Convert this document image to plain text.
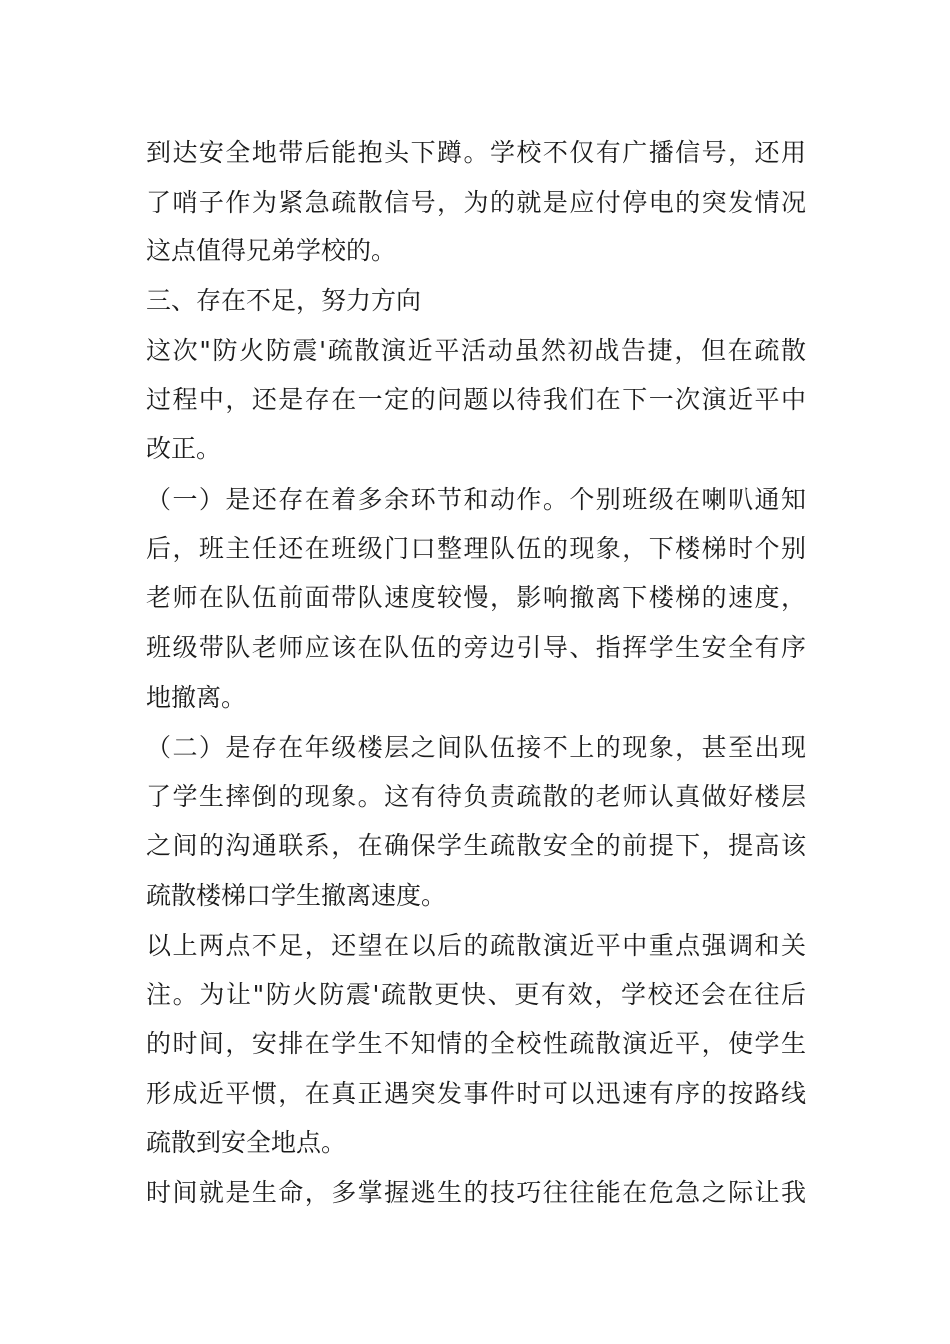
到达安全地带后能抱头下蹲。学校不仅有广播信号，还用
了哨子作为紧急疏散信号，为的就是应付停电的突发情况
这点值得兄弟学校的。
三、存在不足，努力方向
这次"防火防震'疏散演近平活动虽然初战告捷，但在疏散
过程中，还是存在一定的问题以待我们在下一次演近平中
改正。
（一）是还存在着多余环节和动作。个别班级在喇叭通知
后，班主任还在班级门口整理队伍的现象，下楼梯时个别
老师在队伍前面带队速度较慢，影响撤离下楼梯的速度，
班级带队老师应该在队伍的旁边引导、指挥学生安全有序
地撤离。
（二）是存在年级楼层之间队伍接不上的现象，甚至出现
了学生摔倒的现象。这有待负责疏散的老师认真做好楼层
之间的沟通联系，在确保学生疏散安全的前提下，提高该
疏散楼梯口学生撤离速度。
以上两点不足，还望在以后的疏散演近平中重点强调和关
注。为让"防火防震'疏散更快、更有效，学校还会在往后
的时间，安排在学生不知情的全校性疏散演近平，使学生
形成近平惯，在真正遇突发事件时可以迅速有序的按路线
疏散到安全地点。
时间就是生命，多掌握逃生的技巧往往能在危急之际让我
